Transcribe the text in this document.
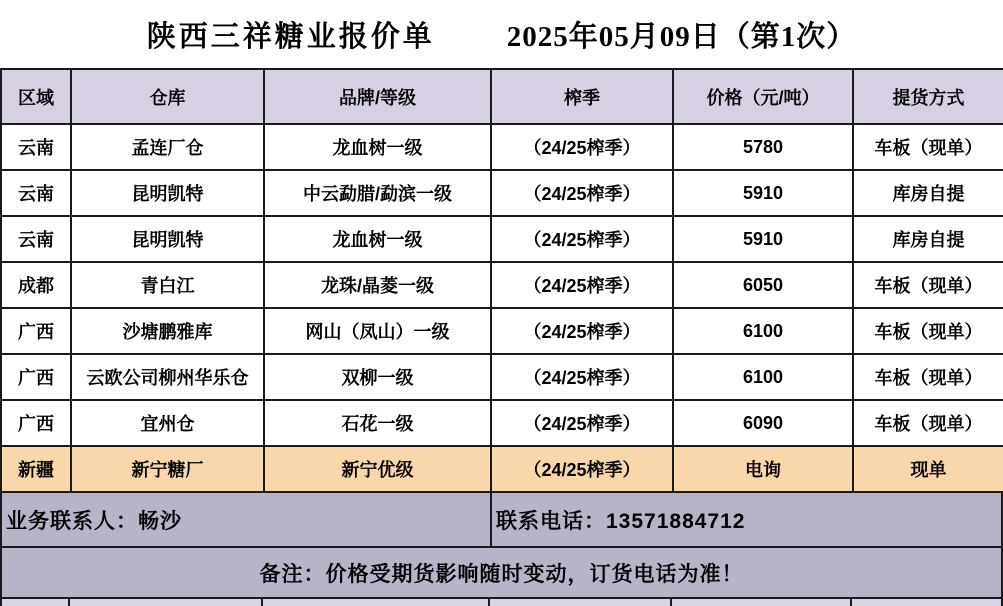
陕西三祥糖业报价单 2025年05月09日（第1次）
区域	仓库	品牌/等级	榨季	价格（元/吨）	提货方式
云南	孟连厂仓	龙血树一级	（24/25榨季）	5780	车板（现单）
云南	昆明凯特	中云勐腊/勐滨一级	（24/25榨季）	5910	库房自提
云南	昆明凯特	龙血树一级	（24/25榨季）	5910	库房自提
成都	青白江	龙珠/晶菱一级	（24/25榨季）	6050	车板（现单）
广西	沙塘鹏雅库	网山（凤山）一级	（24/25榨季）	6100	车板（现单）
广西	云欧公司柳州华乐仓	双柳一级	（24/25榨季）	6100	车板（现单）
广西	宜州仓	石花一级	（24/25榨季）	6090	车板（现单）
新疆	新宁糖厂	新宁优级	（24/25榨季）	电询	现单
业务联系人：畅沙	联系电话：13571884712
备注：价格受期货影响随时变动，订货电话为准！
